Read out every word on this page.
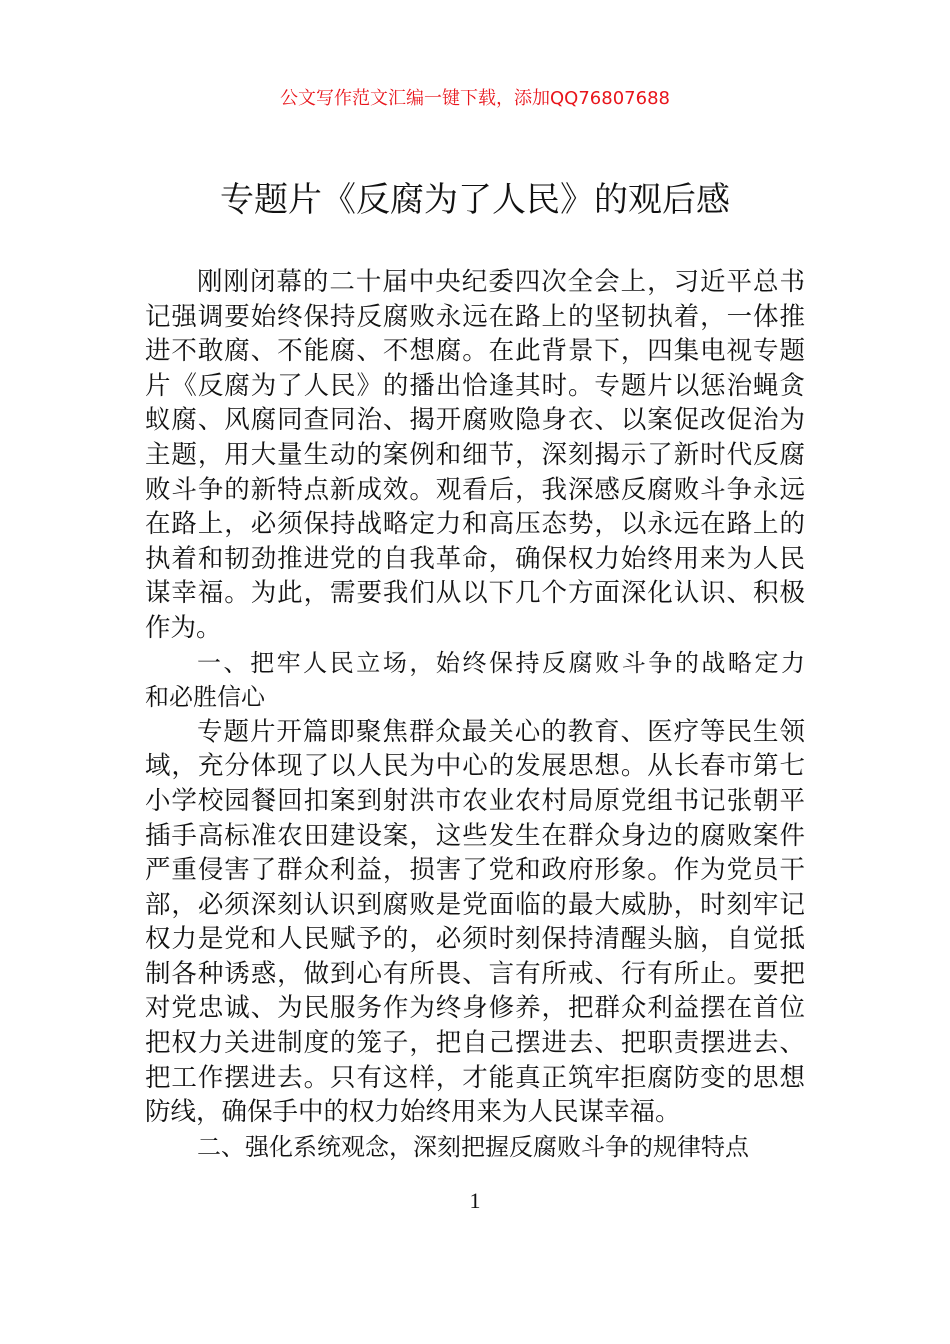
公文写作范文汇编一键下载，添加QQ76807688
专题片《反腐为了人民》的观后感
刚刚闭幕的二十届中央纪委四次全会上，习近平总书
记强调要始终保持反腐败永远在路上的坚韧执着，一体推
进不敢腐、不能腐、不想腐。在此背景下，四集电视专题
片《反腐为了人民》的播出恰逢其时。专题片以惩治蝇贪
蚁腐、风腐同查同治、揭开腐败隐身衣、以案促改促治为
主题，用大量生动的案例和细节，深刻揭示了新时代反腐
败斗争的新特点新成效。观看后，我深感反腐败斗争永远
在路上，必须保持战略定力和高压态势，以永远在路上的
执着和韧劲推进党的自我革命，确保权力始终用来为人民
谋幸福。为此，需要我们从以下几个方面深化认识、积极
作为。
一、把牢人民立场，始终保持反腐败斗争的战略定力
和必胜信心
专题片开篇即聚焦群众最关心的教育、医疗等民生领
域，充分体现了以人民为中心的发展思想。从长春市第七
小学校园餐回扣案到射洪市农业农村局原党组书记张朝平
插手高标准农田建设案，这些发生在群众身边的腐败案件
严重侵害了群众利益，损害了党和政府形象。作为党员干
部，必须深刻认识到腐败是党面临的最大威胁，时刻牢记
权力是党和人民赋予的，必须时刻保持清醒头脑，自觉抵
制各种诱惑，做到心有所畏、言有所戒、行有所止。要把
对党忠诚、为民服务作为终身修养，把群众利益摆在首位
把权力关进制度的笼子，把自己摆进去、把职责摆进去、
把工作摆进去。只有这样，才能真正筑牢拒腐防变的思想
防线，确保手中的权力始终用来为人民谋幸福。
二、强化系统观念，深刻把握反腐败斗争的规律特点
1
